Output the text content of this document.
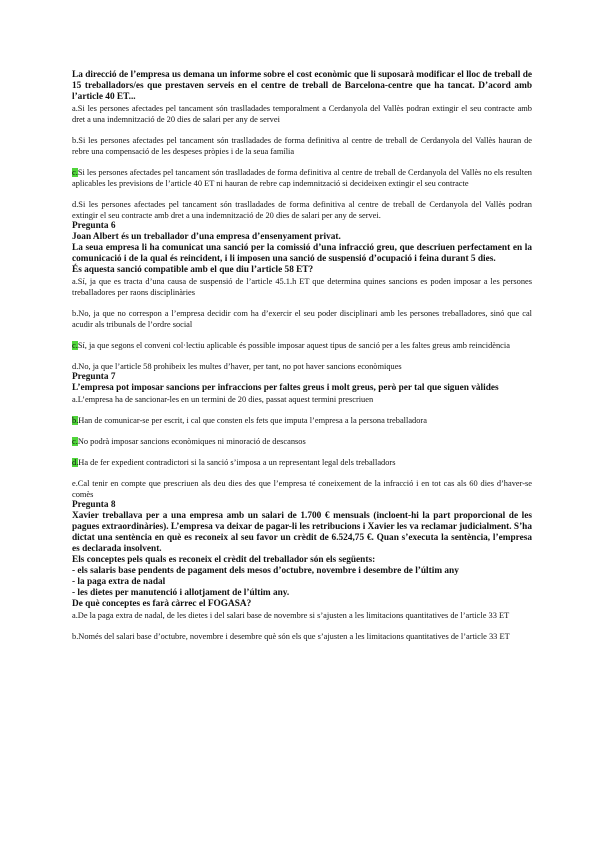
La direcció de l’empresa us demana un informe sobre el cost econòmic que li suposarà modificar el lloc de treball de 15 treballadors/es que prestaven serveis en el centre de treball de Barcelona-centre que ha tancat. D’acord amb l’article 40 ET...
a.Si les persones afectades pel tancament són traslladades temporalment a Cerdanyola del Vallès podran extingir el seu contracte amb dret a una indemnització de 20 dies de salari per any de servei
b.Si les persones afectades pel tancament són traslladades de forma definitiva al centre de treball de Cerdanyola del Vallès hauran de rebre una compensació de les despeses pròpies i de la seua família
c.Si les persones afectades pel tancament són traslladades de forma definitiva al centre de treball de Cerdanyola del Vallès no els resulten aplicables les previsions de l’article 40 ET ni hauran de rebre cap indemnització si decideixen extingir el seu contracte
d.Si les persones afectades pel tancament són traslladades de forma definitiva al centre de treball de Cerdanyola del Vallès podran extingir el seu contracte amb dret a una indemnització de 20 dies de salari per any de servei.
Pregunta 6
Joan Albert és un treballador d’una empresa d’ensenyament privat.
La seua empresa li ha comunicat una sanció per la comissió d’una infracció greu, que descriuen perfectament en la comunicació i de la qual és reincident, i li imposen una sanció de suspensió d’ocupació i feina durant 5 dies.
És aquesta sanció compatible amb el que diu l’article 58 ET?
a.Sí, ja que es tracta d’una causa de suspensió de l’article 45.1.h ET que determina quines sancions es poden imposar a les persones treballadores per raons disciplinàries
b.No, ja que no correspon a l’empresa decidir com ha d’exercir el seu poder disciplinari amb les persones treballadores, sinó que cal acudir als tribunals de l’ordre social
c.Sí, ja que segons el conveni col·lectiu aplicable és possible imposar aquest tipus de sanció per a les faltes greus amb reincidència
d.No, ja que l’article 58 prohibeix les multes d’haver, per tant, no pot haver sancions econòmiques
Pregunta 7
L’empresa pot imposar sancions per infraccions per faltes greus i molt greus, però per tal que siguen vàlides
a.L’empresa ha de sancionar-les en un termini de 20 dies, passat aquest termini prescriuen
b.Han de comunicar-se per escrit, i cal que consten els fets que imputa l’empresa a la persona treballadora
c.No podrà imposar sancions econòmiques ni minoració de descansos
d.Ha de fer expedient contradictori si la sanció s’imposa a un representant legal dels treballadors
e.Cal tenir en compte que prescriuen als deu dies des que l’empresa té coneixement de la infracció i en tot cas als 60 dies d’haver-se comès
Pregunta 8
Xavier treballava per a una empresa amb un salari de 1.700 € mensuals (incloent-hi la part proporcional de les pagues extraordinàries). L’empresa va deixar de pagar-li les retribucions i Xavier les va reclamar judicialment. S’ha dictat una sentència en què es reconeix al seu favor un crèdit de 6.524,75 €. Quan s’executa la sentència, l’empresa es declarada insolvent.
Els conceptes pels quals es reconeix el crèdit del treballador són els següents:
- els salaris base pendents de pagament dels mesos d’octubre, novembre i desembre de l’últim any
- la paga extra de nadal
- les dietes per manutenció i allotjament de l’últim any.
De què conceptes es farà càrrec el FOGASA?
a.De la paga extra de nadal, de les dietes i del salari base de novembre si s’ajusten a les limitacions quantitatives de l’article 33 ET
b.Només del salari base d’octubre, novembre i desembre què són els que s’ajusten a les limitacions quantitatives de l’article 33 ET
